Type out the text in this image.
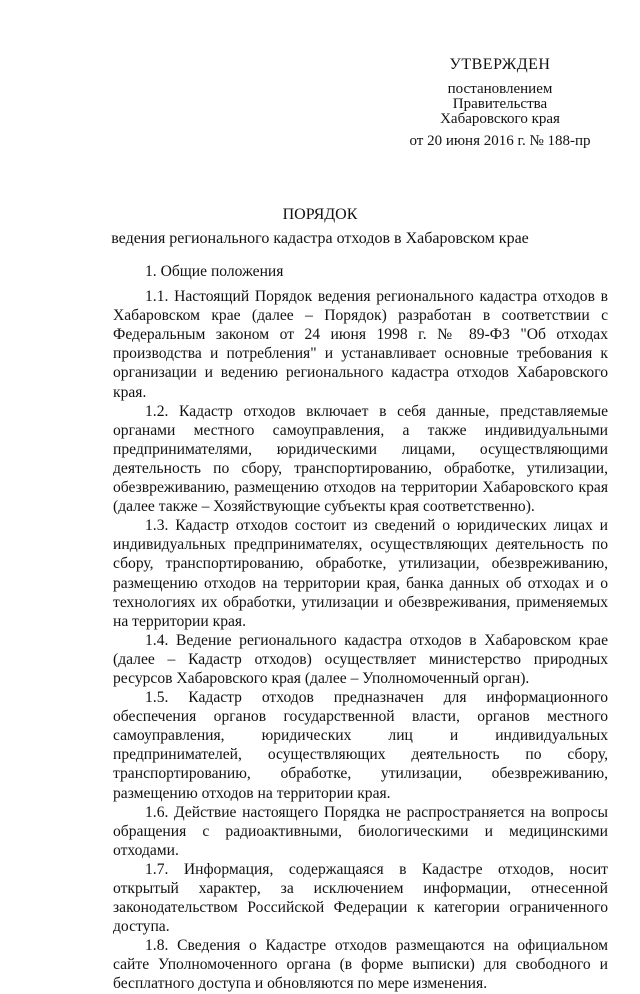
УТВЕРЖДЕН
постановлением
Правительства
Хабаровского края
от 20 июня 2016 г. № 188-пр
ПОРЯДОК
ведения регионального кадастра отходов в Хабаровском крае

1. Общие положения

1.1. Настоящий Порядок ведения регионального кадастра отходов в Хабаровском крае (далее – Порядок) разработан в соответствии с Федеральным законом от 24 июня 1998 г. № 89-ФЗ "Об отходах производства и потребления" и устанавливает основные требования к организации и ведению регионального кадастра отходов Хабаровского края.

1.2. Кадастр отходов включает в себя данные, представляемые органами местного самоуправления, а также индивидуальными предпринимателями, юридическими лицами, осуществляющими деятельность по сбору, транспортированию, обработке, утилизации, обезвреживанию, размещению отходов на территории Хабаровского края (далее также – Хозяйствующие субъекты края соответственно).

1.3. Кадастр отходов состоит из сведений о юридических лицах и индивидуальных предпринимателях, осуществляющих деятельность по сбору, транспортированию, обработке, утилизации, обезвреживанию, размещению отходов на территории края, банка данных об отходах и о технологиях их обработки, утилизации и обезвреживания, применяемых на территории края.

1.4. Ведение регионального кадастра отходов в Хабаровском крае (далее – Кадастр отходов) осуществляет министерство природных ресурсов Хабаровского края (далее – Уполномоченный орган).

1.5. Кадастр отходов предназначен для информационного обеспечения органов государственной власти, органов местного самоуправления, юридических лиц и индивидуальных предпринимателей, осуществляющих деятельность по сбору, транспортированию, обработке, утилизации, обезвреживанию, размещению отходов на территории края.

1.6. Действие настоящего Порядка не распространяется на вопросы обращения с радиоактивными, биологическими и медицинскими отходами.

1.7. Информация, содержащаяся в Кадастре отходов, носит открытый характер, за исключением информации, отнесенной законодательством Российской Федерации к категории ограниченного доступа.

1.8. Сведения о Кадастре отходов размещаются на официальном сайте Уполномоченного органа (в форме выписки) для свободного и бесплатного доступа и обновляются по мере изменения.
